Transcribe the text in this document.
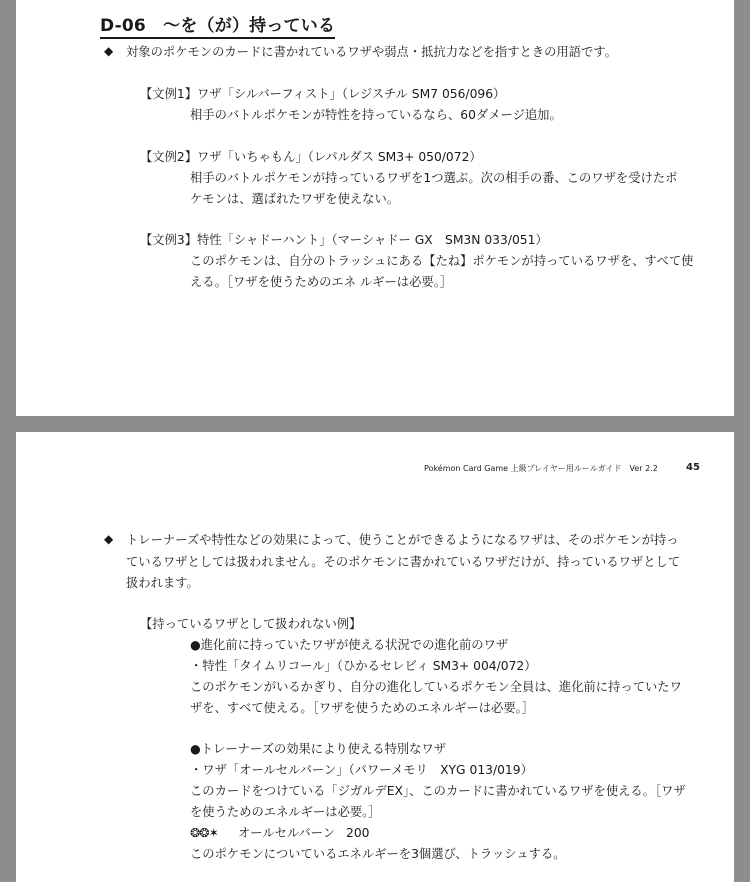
D-06　〜を（が）持っている
◆ 対象のポケモンのカードに書かれているワザや弱点・抵抗力などを指すときの用語です。
【文例1】ワザ「シルバーフィスト」（レジスチル SM7 056/096）
相手のバトルポケモンが特性を持っているなら、60ダメージ追加。
【文例2】ワザ「いちゃもん」（レパルダス SM3+ 050/072）
相手のバトルポケモンが持っているワザを1つ選ぶ。次の相手の番、このワザを受けたポ
ケモンは、選ばれたワザを使えない。
【文例3】特性「シャドーハント」（マーシャドー GX　SM3N 033/051）
このポケモンは、自分のトラッシュにある【たね】ポケモンが持っているワザを、すべて使
える。［ワザを使うためのエネ ルギーは必要。］
Pokémon Card Game 上級プレイヤー用ルールガイド　Ver 2.2	45
◆ トレーナーズや特性などの効果によって、使うことができるようになるワザは、そのポケモンが持っ
ているワザとしては扱われません。そのポケモンに書かれているワザだけが、持っているワザとして
扱われます。
【持っているワザとして扱われない例】
●進化前に持っていたワザが使える状況での進化前のワザ
・特性「タイムリコール」（ひかるセレビィ SM3+ 004/072）
このポケモンがいるかぎり、自分の進化しているポケモン全員は、進化前に持っていたワ
ザを、すべて使える。［ワザを使うためのエネルギーは必要。］
●トレーナーズの効果により使える特別なワザ
・ワザ「オールセルバーン」（パワーメモリ　XYG 013/019）
このカードをつけている「ジガルデEX」、このカードに書かれているワザを使える。［ワザ
を使うためのエネルギーは必要。］
❂❂✶ オールセルバーン 200
このポケモンについているエネルギーを3個選び、トラッシュする。
